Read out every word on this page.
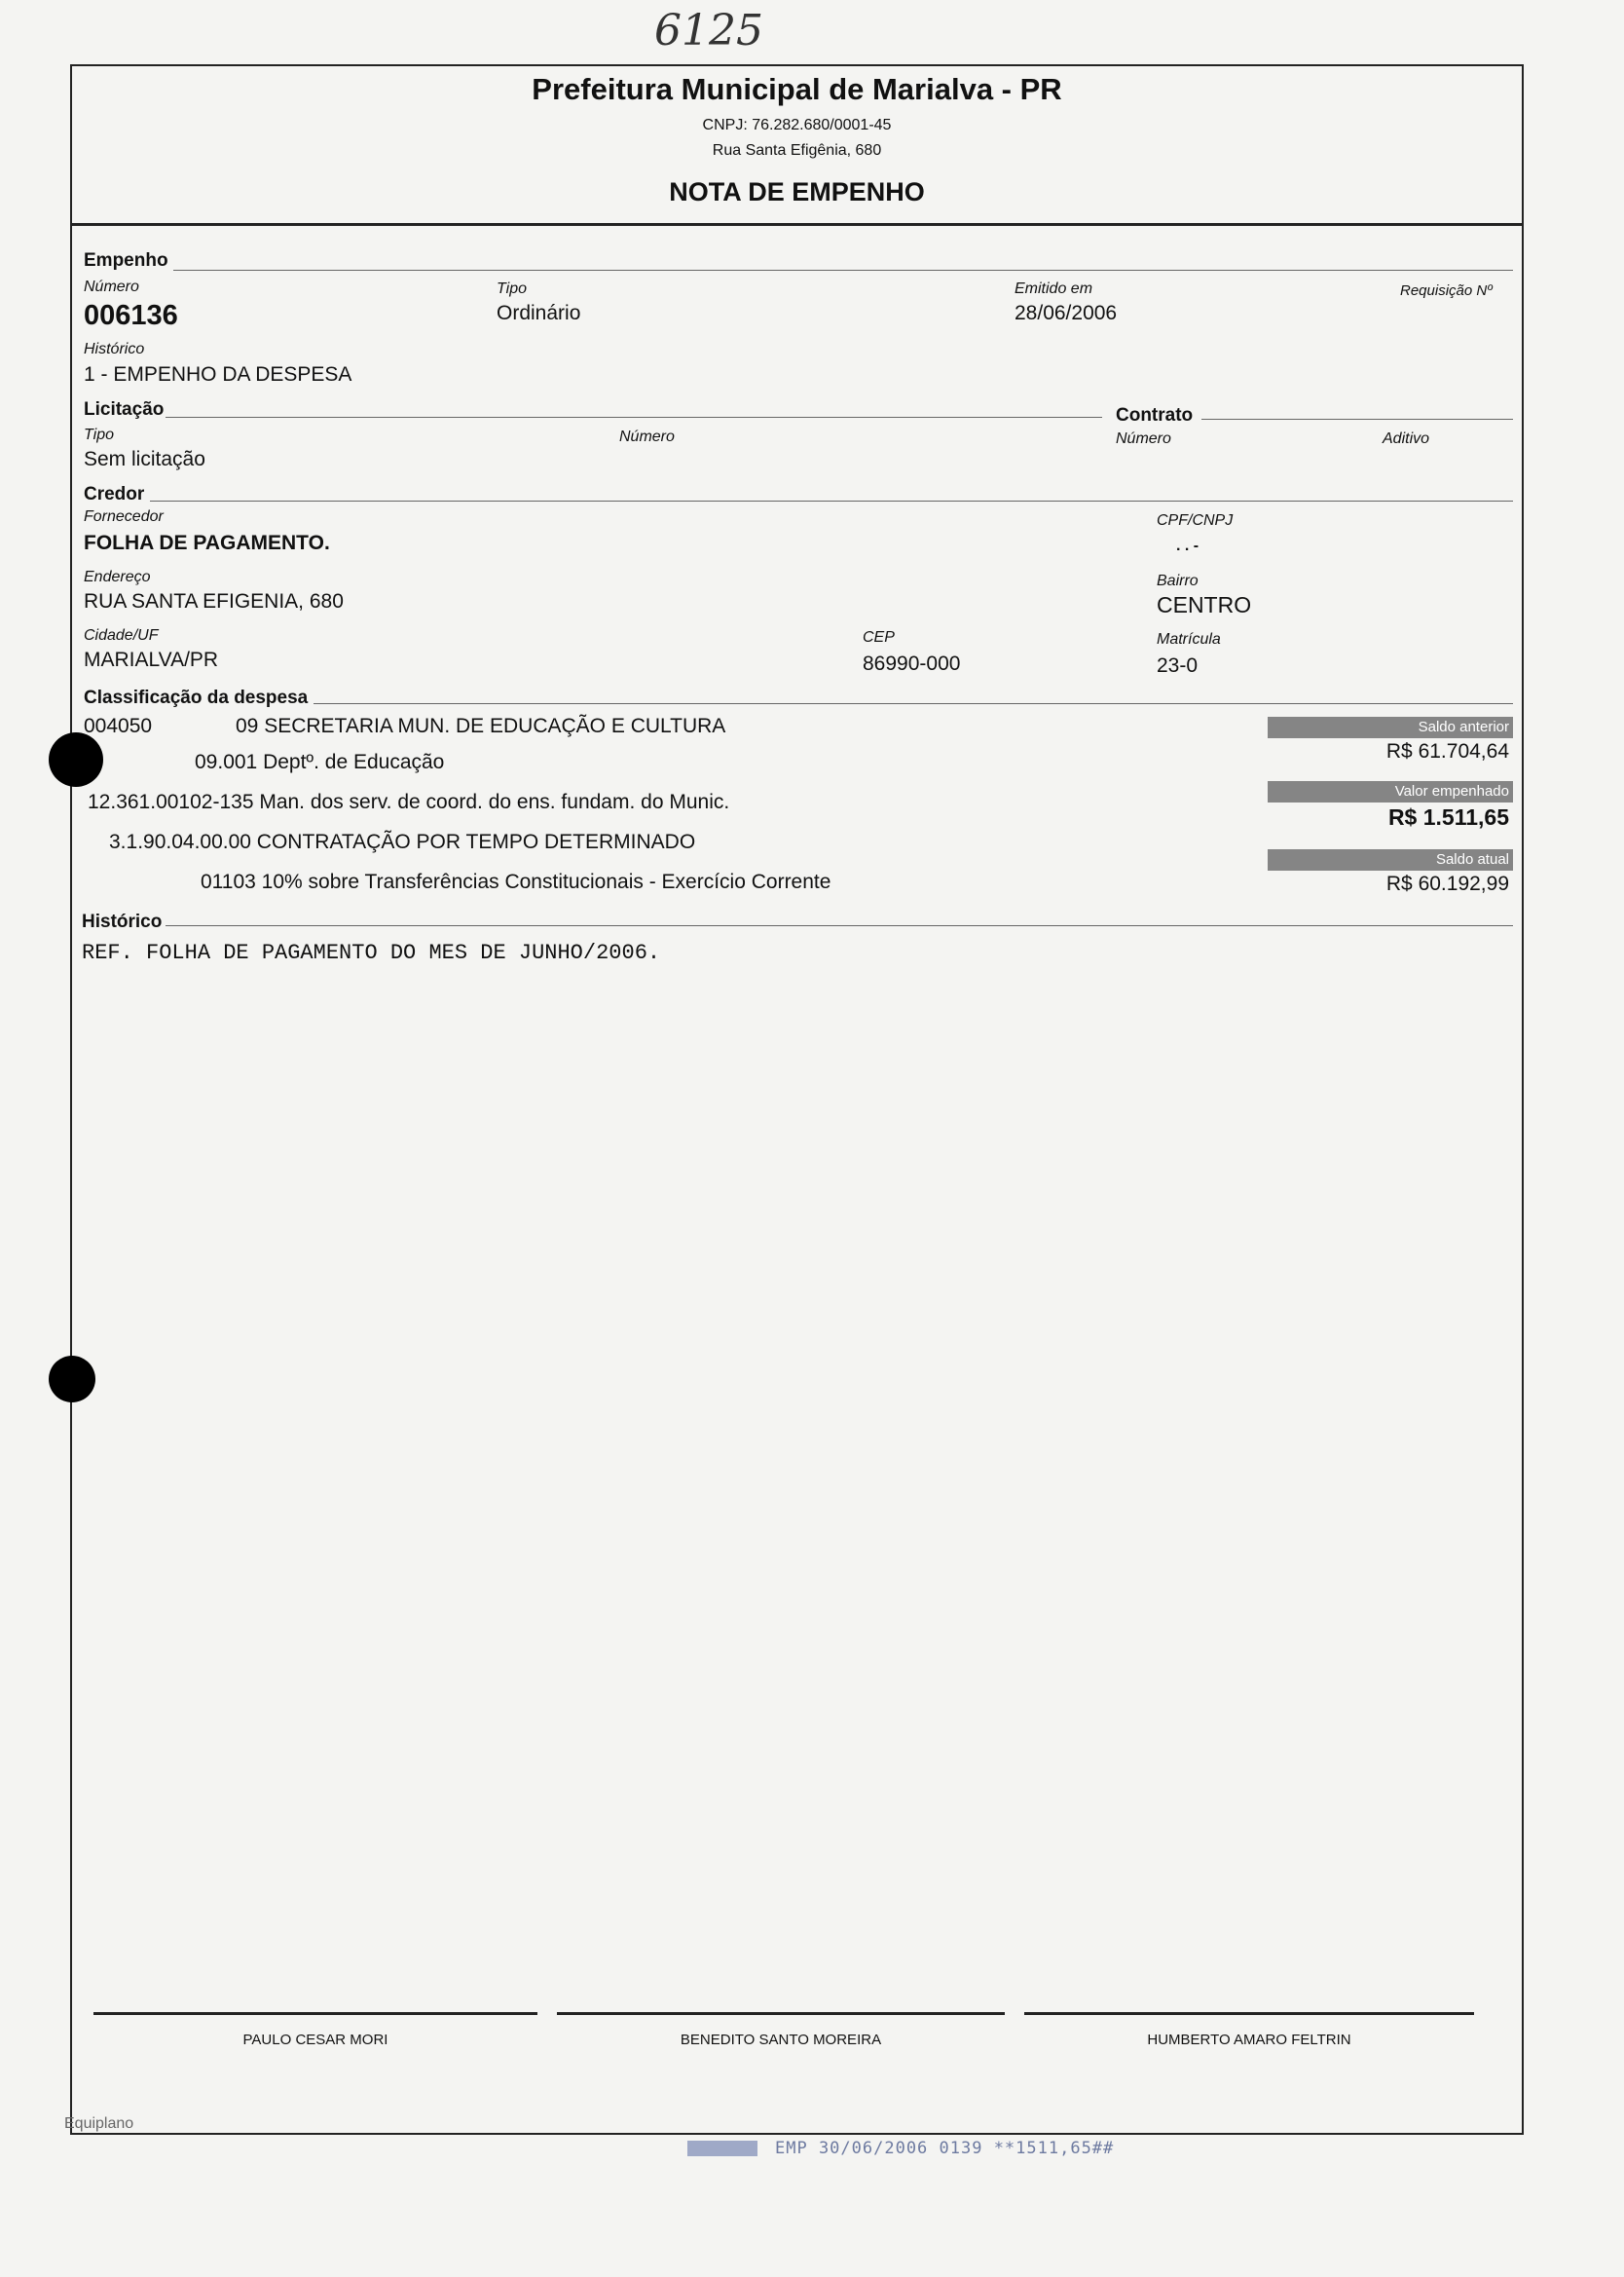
6125
Prefeitura Municipal de Marialva - PR
CNPJ: 76.282.680/0001-45
Rua Santa Efigênia, 680
NOTA DE EMPENHO
Empenho
Número
006136
Tipo
Ordinário
Emitido em
28/06/2006
Requisição Nº
Histórico
1 - EMPENHO DA DESPESA
Licitação
Tipo
Sem licitação
Número
Contrato
Número	Aditivo
Credor
Fornecedor
FOLHA DE PAGAMENTO.
CPF/CNPJ
. . -
Endereço
RUA SANTA EFIGENIA, 680
Bairro
CENTRO
Cidade/UF
MARIALVA/PR
CEP
86990-000
Matrícula
23-0
Classificação da despesa
004050	09 SECRETARIA MUN. DE EDUCAÇÃO E CULTURA
09.001 Deptº. de Educação
12.361.00102-135 Man. dos serv. de coord. do ens. fundam. do Munic.
3.1.90.04.00.00 CONTRATAÇÃO POR TEMPO DETERMINADO
01103 10% sobre Transferências Constitucionais - Exercício Corrente
Saldo anterior
R$ 61.704,64
Valor empenhado
R$ 1.511,65
Saldo atual
R$ 60.192,99
Histórico
REF. FOLHA DE PAGAMENTO DO MES DE JUNHO/2006.
PAULO CESAR MORI	BENEDITO SANTO MOREIRA	HUMBERTO AMARO FELTRIN
Equiplano
EMP 30/06/2006 0139 **1511,65##
